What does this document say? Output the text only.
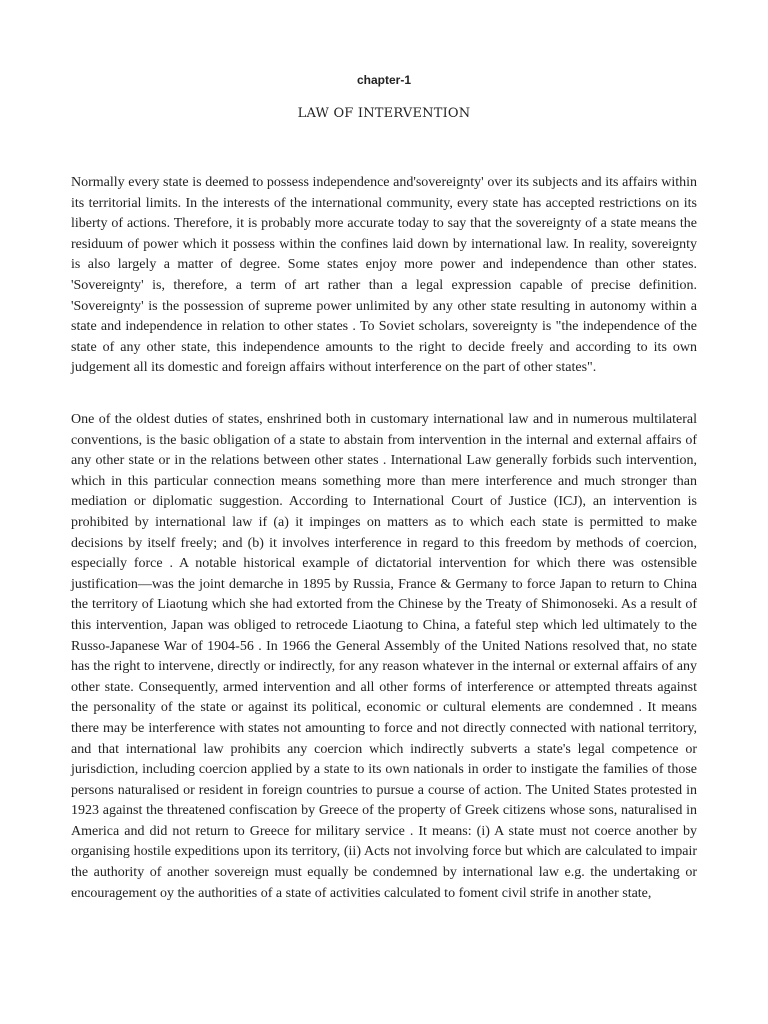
chapter-1
LAW OF INTERVENTION

Normally every state is deemed to possess independence and'sovereignty' over its subjects and its affairs within its territorial limits. In the interests of the international community, every state has accepted restrictions on its liberty of actions. Therefore, it is probably more accurate today to say that the sovereignty of a state means the residuum of power which it possess within the confines laid down by international law. In reality, sovereignty is also largely a matter of degree. Some states enjoy more power and independence than other states. 'Sovereignty' is, therefore, a term of art rather than a legal expression capable of precise definition. 'Sovereignty' is the possession of supreme power unlimited by any other state resulting in autonomy within a state and independence in relation to other states . To Soviet scholars, sovereignty is "the independence of the state of any other state, this independence amounts to the right to decide freely and according to its own judgement all its domestic and foreign affairs without interference on the part of other states".

One of the oldest duties of states, enshrined both in customary international law and in numerous multilateral conventions, is the basic obligation of a state to abstain from intervention in the internal and external affairs of any other state or in the relations between other states . International Law generally forbids such intervention, which in this particular connection means something more than mere interference and much stronger than mediation or diplomatic suggestion. According to International Court of Justice (ICJ), an intervention is prohibited by international law if (a) it impinges on matters as to which each state is permitted to make decisions by itself freely; and (b) it involves interference in regard to this freedom by methods of coercion, especially force . A notable historical example of dictatorial intervention for which there was ostensible justification—was the joint demarche in 1895 by Russia, France & Germany to force Japan to return to China the territory of Liaotung which she had extorted from the Chinese by the Treaty of Shimonoseki. As a result of this intervention, Japan was obliged to retrocede Liaotung to China, a fateful step which led ultimately to the Russo-Japanese War of 1904-56 . In 1966 the General Assembly of the United Nations resolved that, no state has the right to intervene, directly or indirectly, for any reason whatever in the internal or external affairs of any other state. Consequently, armed intervention and all other forms of interference or attempted threats against the personality of the state or against its political, economic or cultural elements are condemned . It means there may be interference with states not amounting to force and not directly connected with national territory, and that international law prohibits any coercion which indirectly subverts a state's legal competence or jurisdiction, including coercion applied by a state to its own nationals in order to instigate the families of those persons naturalised or resident in foreign countries to pursue a course of action. The United States protested in 1923 against the threatened confiscation by Greece of the property of Greek citizens whose sons, naturalised in America and did not return to Greece for military service . It means: (i) A state must not coerce another by organising hostile expeditions upon its territory, (ii) Acts not involving force but which are calculated to impair the authority of another sovereign must equally be condemned by international law e.g. the undertaking or encouragement oy the authorities of a state of activities calculated to foment civil strife in another state,
